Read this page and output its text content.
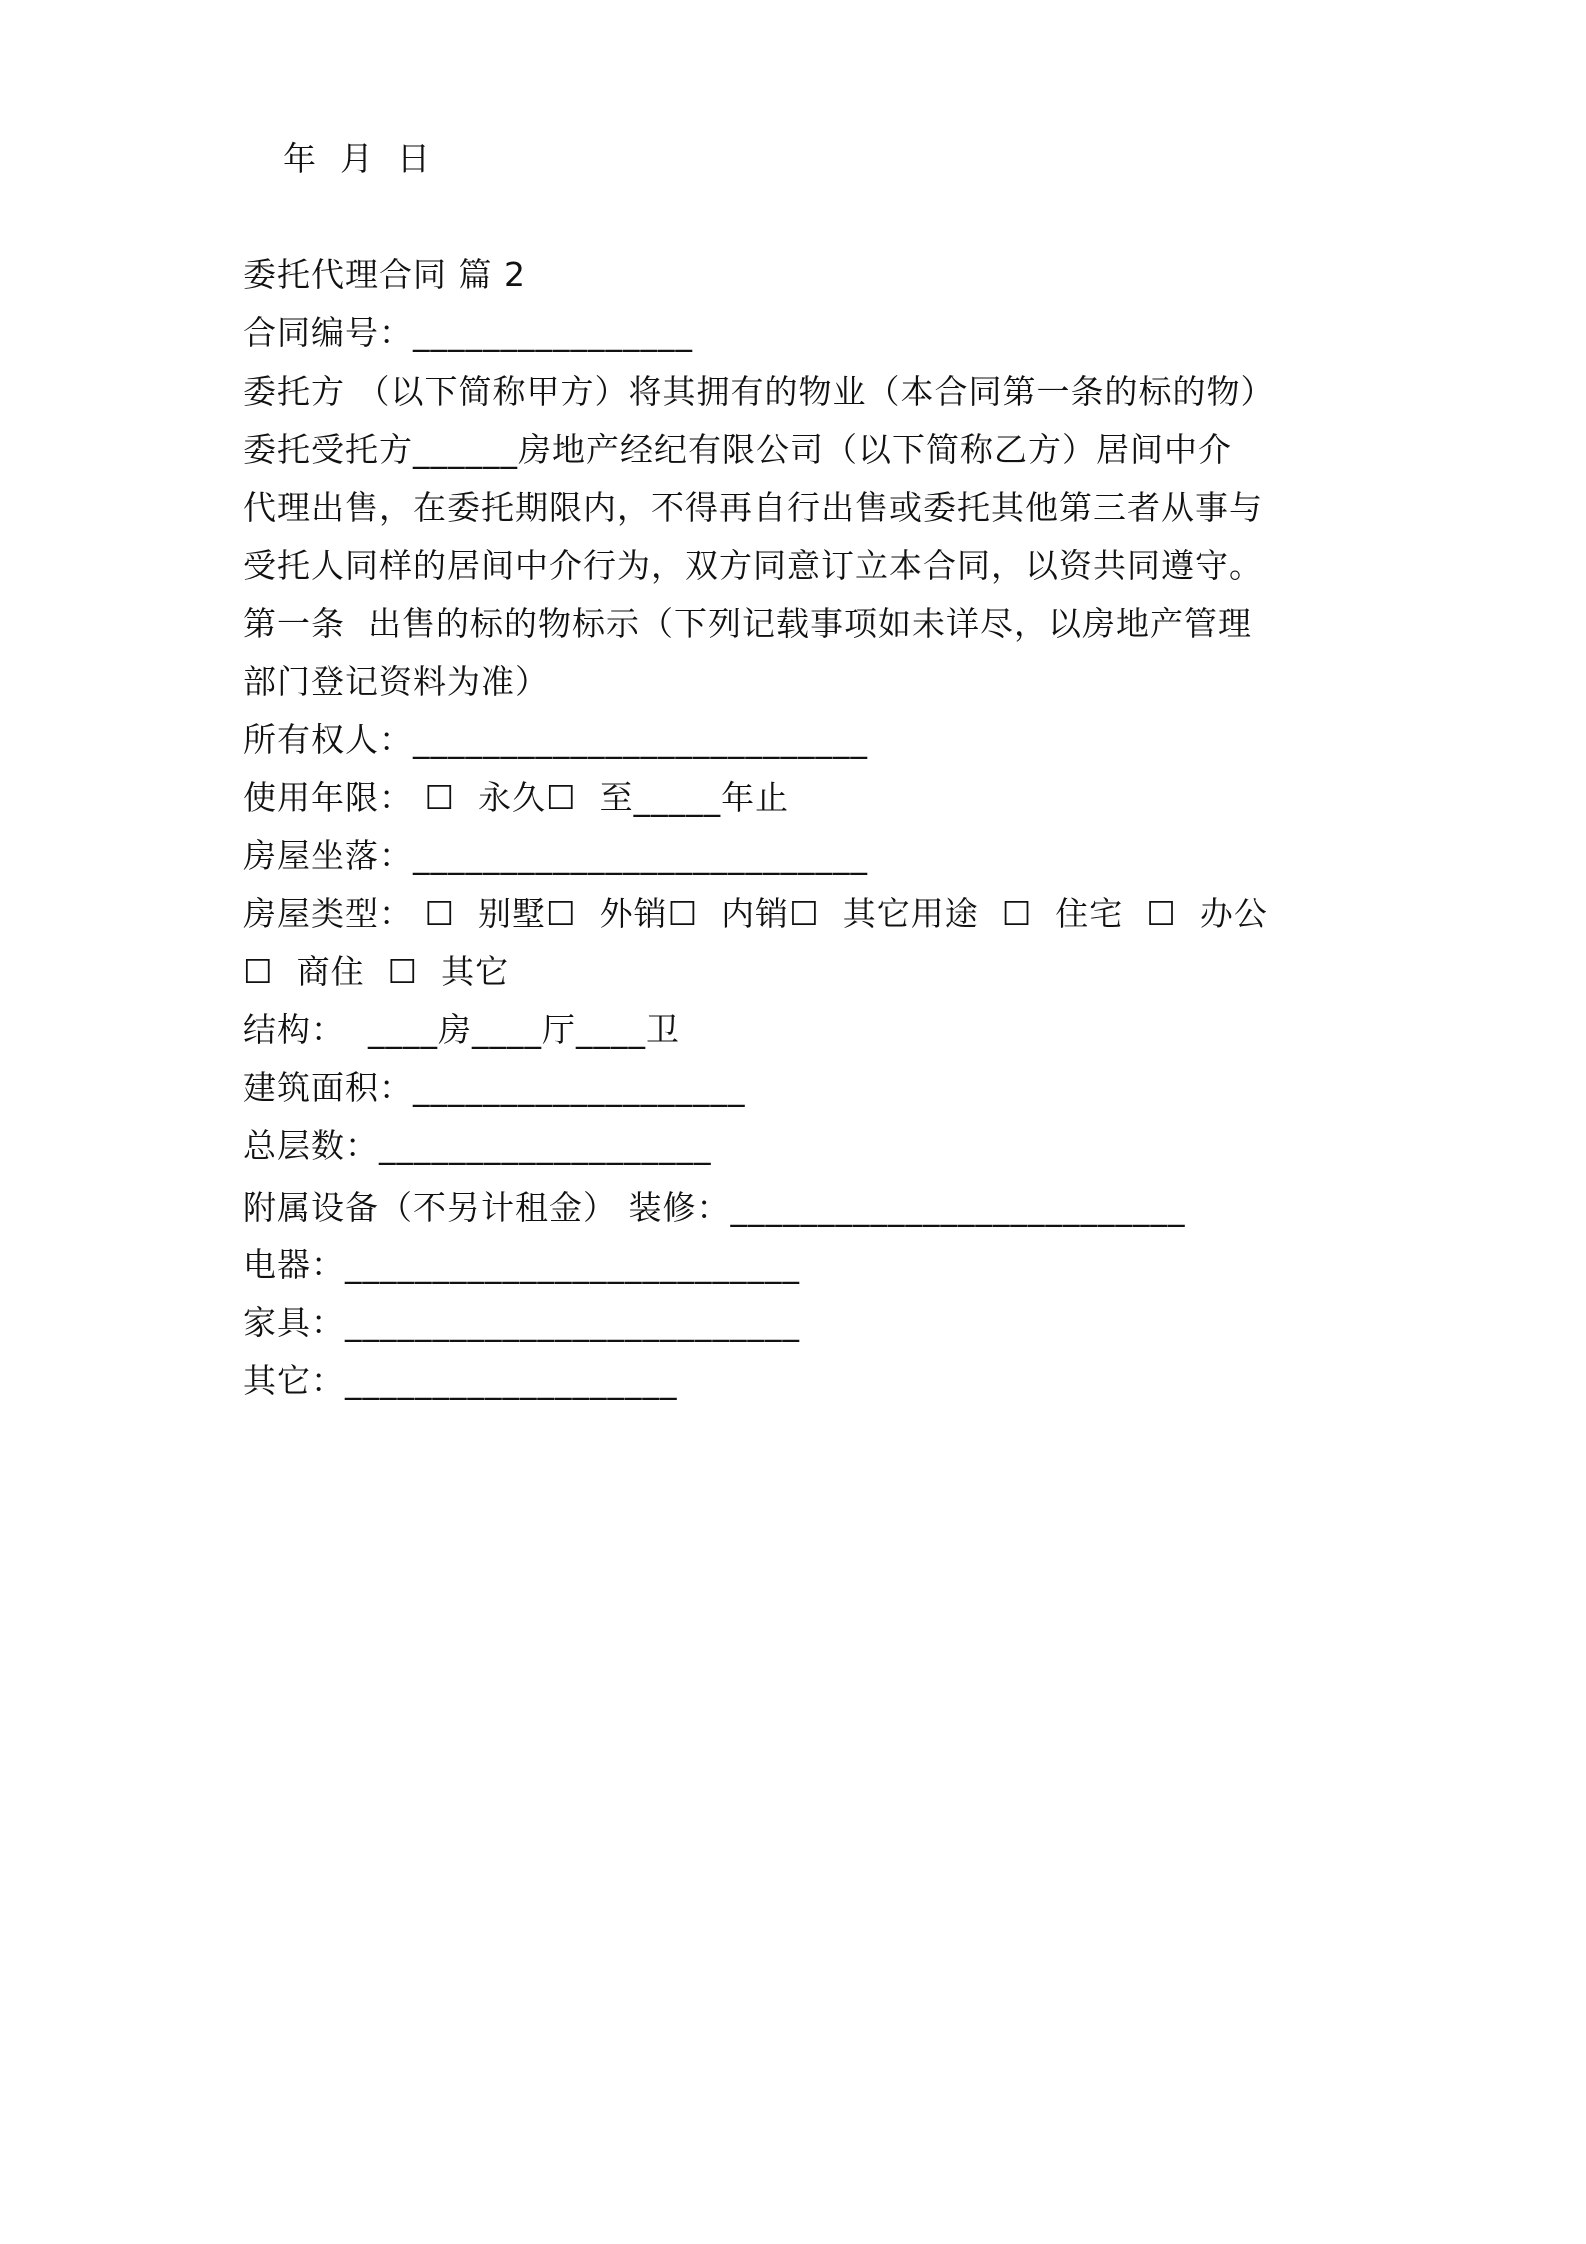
年  月  日
委托代理合同 篇 2
合同编号：________________
委托方 （以下简称甲方）将其拥有的物业（本合同第一条的标的物）
委托受托方______房地产经纪有限公司（以下简称乙方）居间中介
代理出售，在委托期限内，不得再自行出售或委托其他第三者从事与
受托人同样的居间中介行为，双方同意订立本合同，以资共同遵守。
第一条  出售的标的物标示（下列记载事项如未详尽，以房地产管理
部门登记资料为准）
所有权人：__________________________
使用年限： ☐  永久☐  至_____年止
房屋坐落：__________________________
房屋类型： ☐  别墅☐  外销☐  内销☐  其它用途  ☐  住宅  ☐  办公
☐  商住  ☐  其它
结构：  ____房____厅____卫
建筑面积：___________________
总层数：___________________
附属设备（不另计租金） 装修：__________________________
电器：__________________________
家具：__________________________
其它：___________________
